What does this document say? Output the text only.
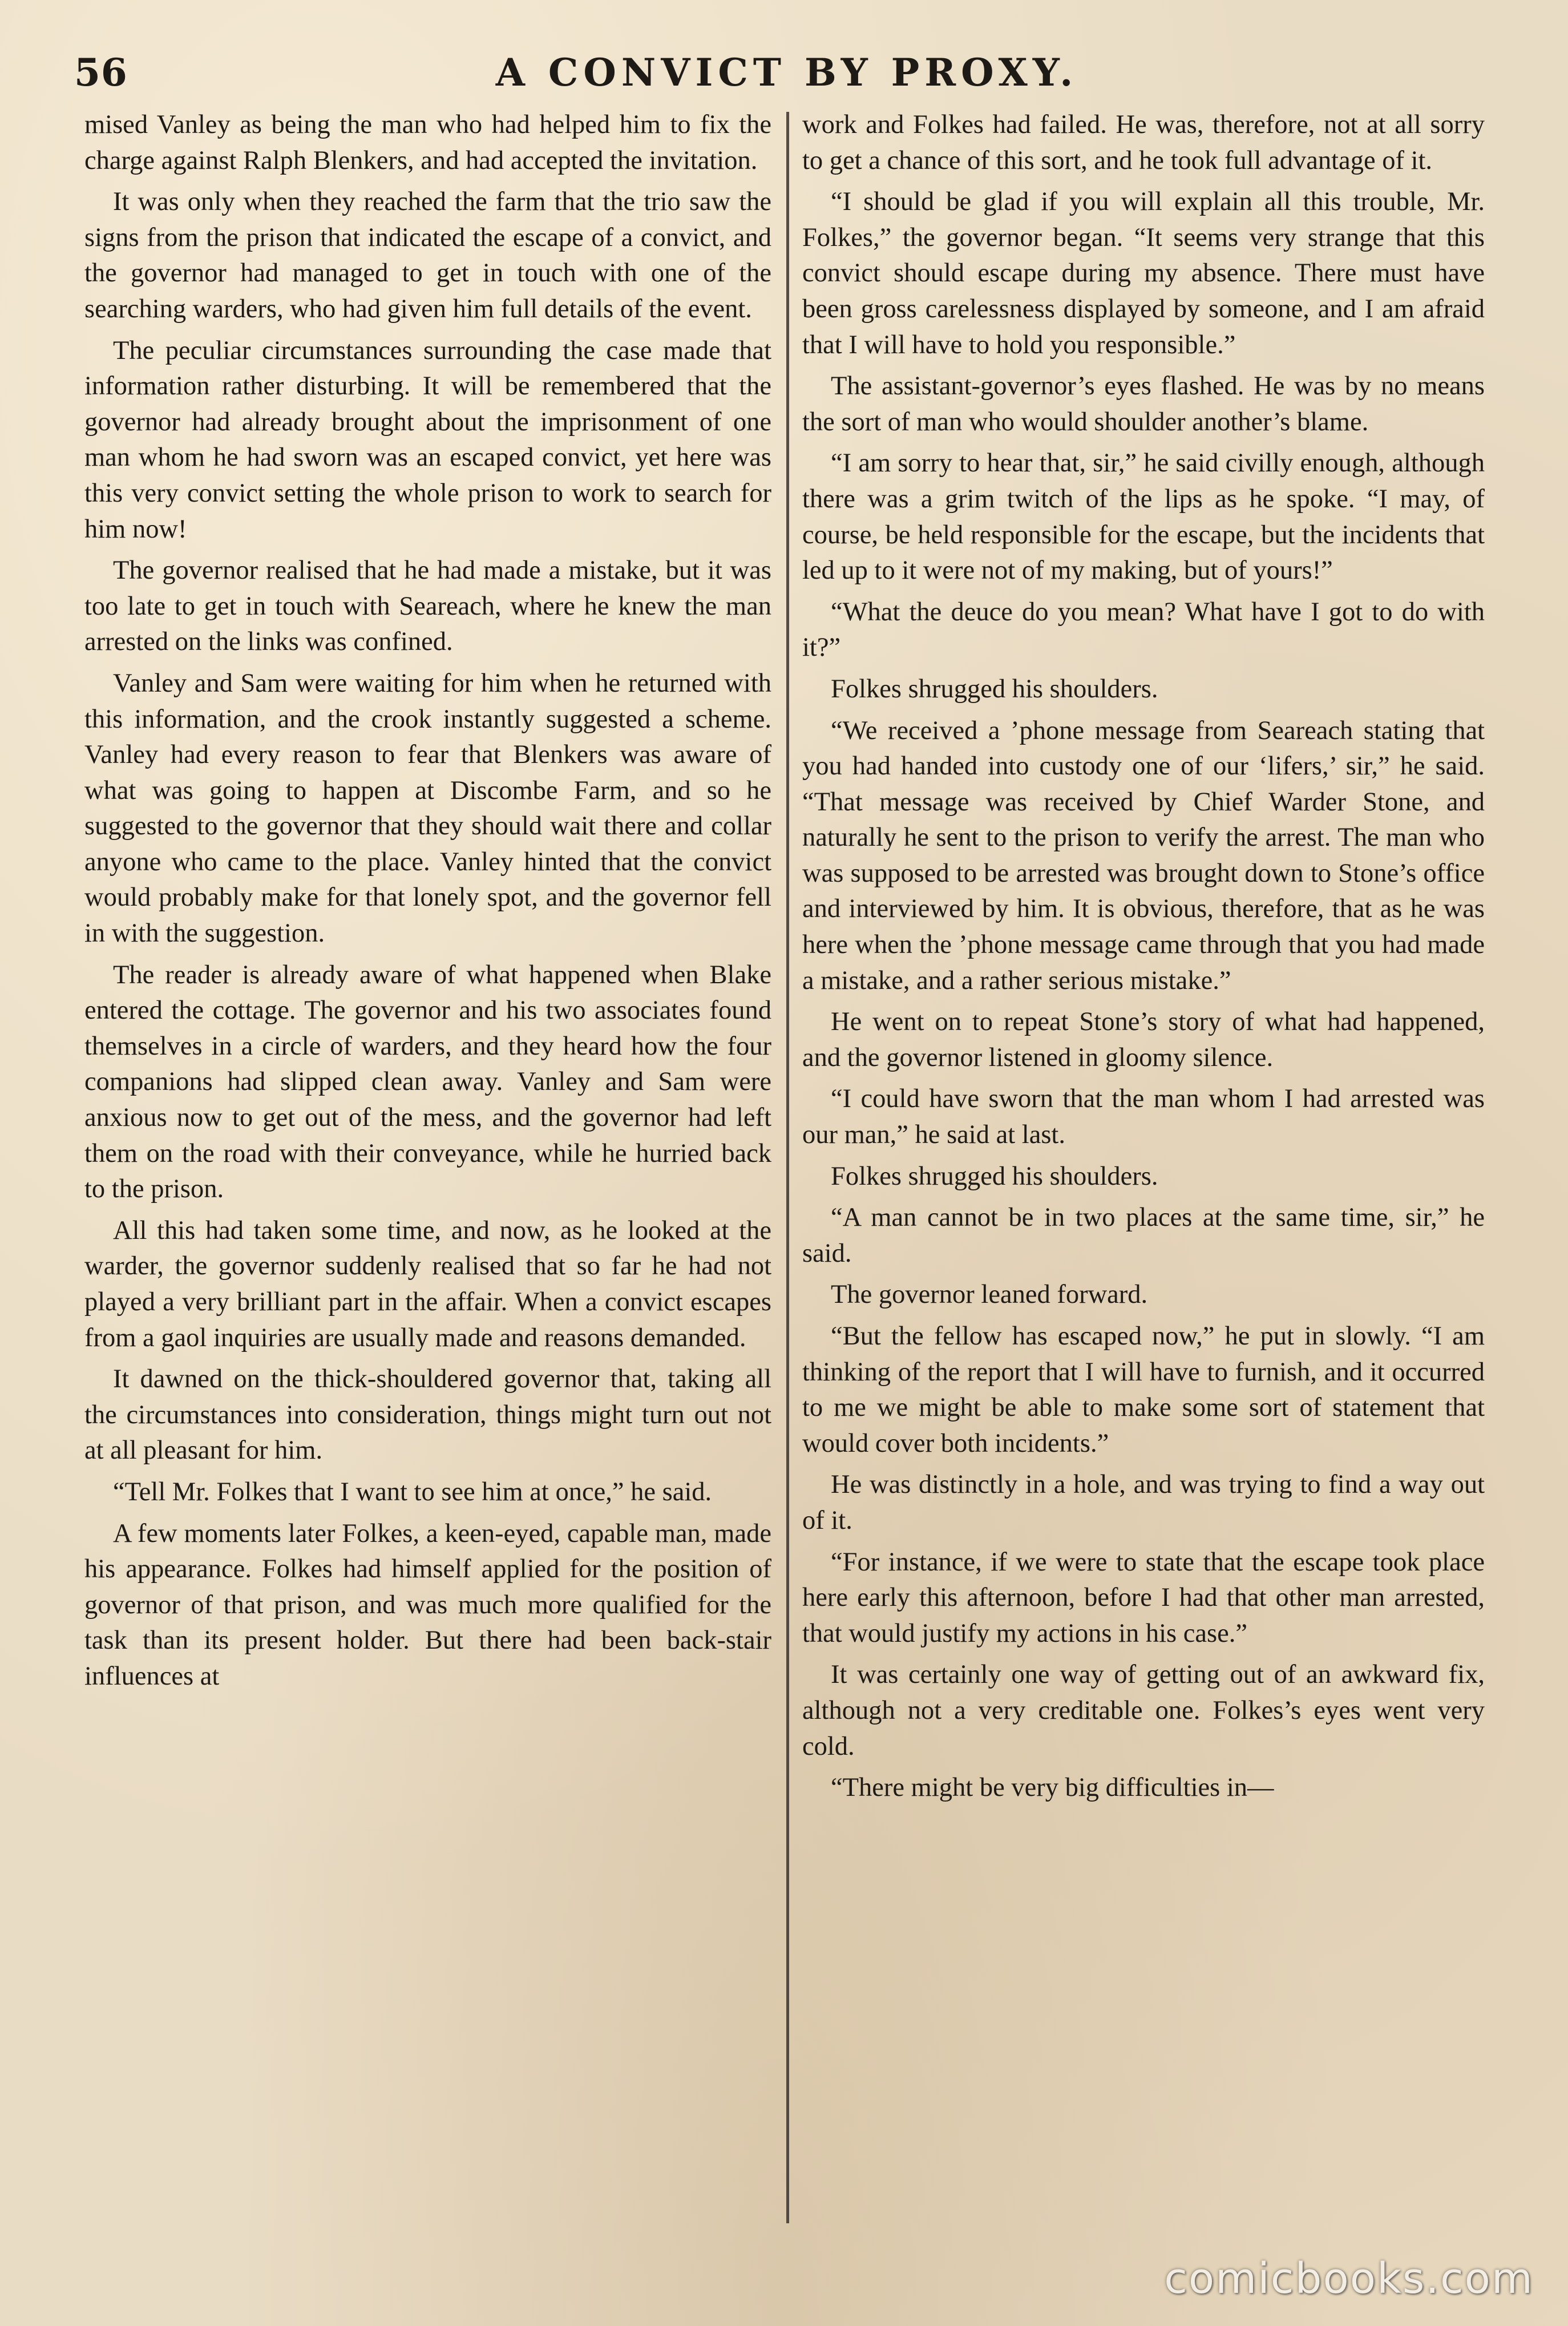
56	A CONVICT BY PROXY.

mised Vanley as being the man who had helped him to fix the charge against Ralph Blenkers, and had accepted the invitation.

It was only when they reached the farm that the trio saw the signs from the prison that indicated the escape of a convict, and the governor had managed to get in touch with one of the searching warders, who had given him full details of the event.

The peculiar circumstances surrounding the case made that information rather disturbing. It will be remembered that the governor had already brought about the imprisonment of one man whom he had sworn was an escaped convict, yet here was this very convict setting the whole prison to work to search for him now!

The governor realised that he had made a mistake, but it was too late to get in touch with Seareach, where he knew the man arrested on the links was confined.

Vanley and Sam were waiting for him when he returned with this information, and the crook instantly suggested a scheme. Vanley had every reason to fear that Blenkers was aware of what was going to happen at Discombe Farm, and so he suggested to the governor that they should wait there and collar anyone who came to the place. Vanley hinted that the convict would probably make for that lonely spot, and the governor fell in with the suggestion.

The reader is already aware of what happened when Blake entered the cottage. The governor and his two associates found themselves in a circle of warders, and they heard how the four companions had slipped clean away. Vanley and Sam were anxious now to get out of the mess, and the governor had left them on the road with their conveyance, while he hurried back to the prison.

All this had taken some time, and now, as he looked at the warder, the governor suddenly realised that so far he had not played a very brilliant part in the affair. When a convict escapes from a gaol inquiries are usually made and reasons demanded.

It dawned on the thick-shouldered governor that, taking all the circumstances into consideration, things might turn out not at all pleasant for him.

“Tell Mr. Folkes that I want to see him at once,” he said.

A few moments later Folkes, a keen-eyed, capable man, made his appearance. Folkes had himself applied for the position of governor of that prison, and was much more qualified for the task than its present holder. But there had been back-stair influences at

work and Folkes had failed. He was, therefore, not at all sorry to get a chance of this sort, and he took full advantage of it.

“I should be glad if you will explain all this trouble, Mr. Folkes,” the governor began. “It seems very strange that this convict should escape during my absence. There must have been gross carelessness displayed by someone, and I am afraid that I will have to hold you responsible.”

The assistant-governor’s eyes flashed. He was by no means the sort of man who would shoulder another’s blame.

“I am sorry to hear that, sir,” he said civilly enough, although there was a grim twitch of the lips as he spoke. “I may, of course, be held responsible for the escape, but the incidents that led up to it were not of my making, but of yours!”

“What the deuce do you mean? What have I got to do with it?”

Folkes shrugged his shoulders.

“We received a ’phone message from Seareach stating that you had handed into custody one of our ‘lifers,’ sir,” he said. “That message was received by Chief Warder Stone, and naturally he sent to the prison to verify the arrest. The man who was supposed to be arrested was brought down to Stone’s office and interviewed by him. It is obvious, therefore, that as he was here when the ’phone message came through that you had made a mistake, and a rather serious mistake.”

He went on to repeat Stone’s story of what had happened, and the governor listened in gloomy silence.

“I could have sworn that the man whom I had arrested was our man,” he said at last.

Folkes shrugged his shoulders.

“A man cannot be in two places at the same time, sir,” he said.

The governor leaned forward.

“But the fellow has escaped now,” he put in slowly. “I am thinking of the report that I will have to furnish, and it occurred to me we might be able to make some sort of statement that would cover both incidents.”

He was distinctly in a hole, and was trying to find a way out of it.

“For instance, if we were to state that the escape took place here early this afternoon, before I had that other man arrested, that would justify my actions in his case.”

It was certainly one way of getting out of an awkward fix, although not a very creditable one. Folkes’s eyes went very cold.

“There might be very big difficulties in—

comicbooks.com
